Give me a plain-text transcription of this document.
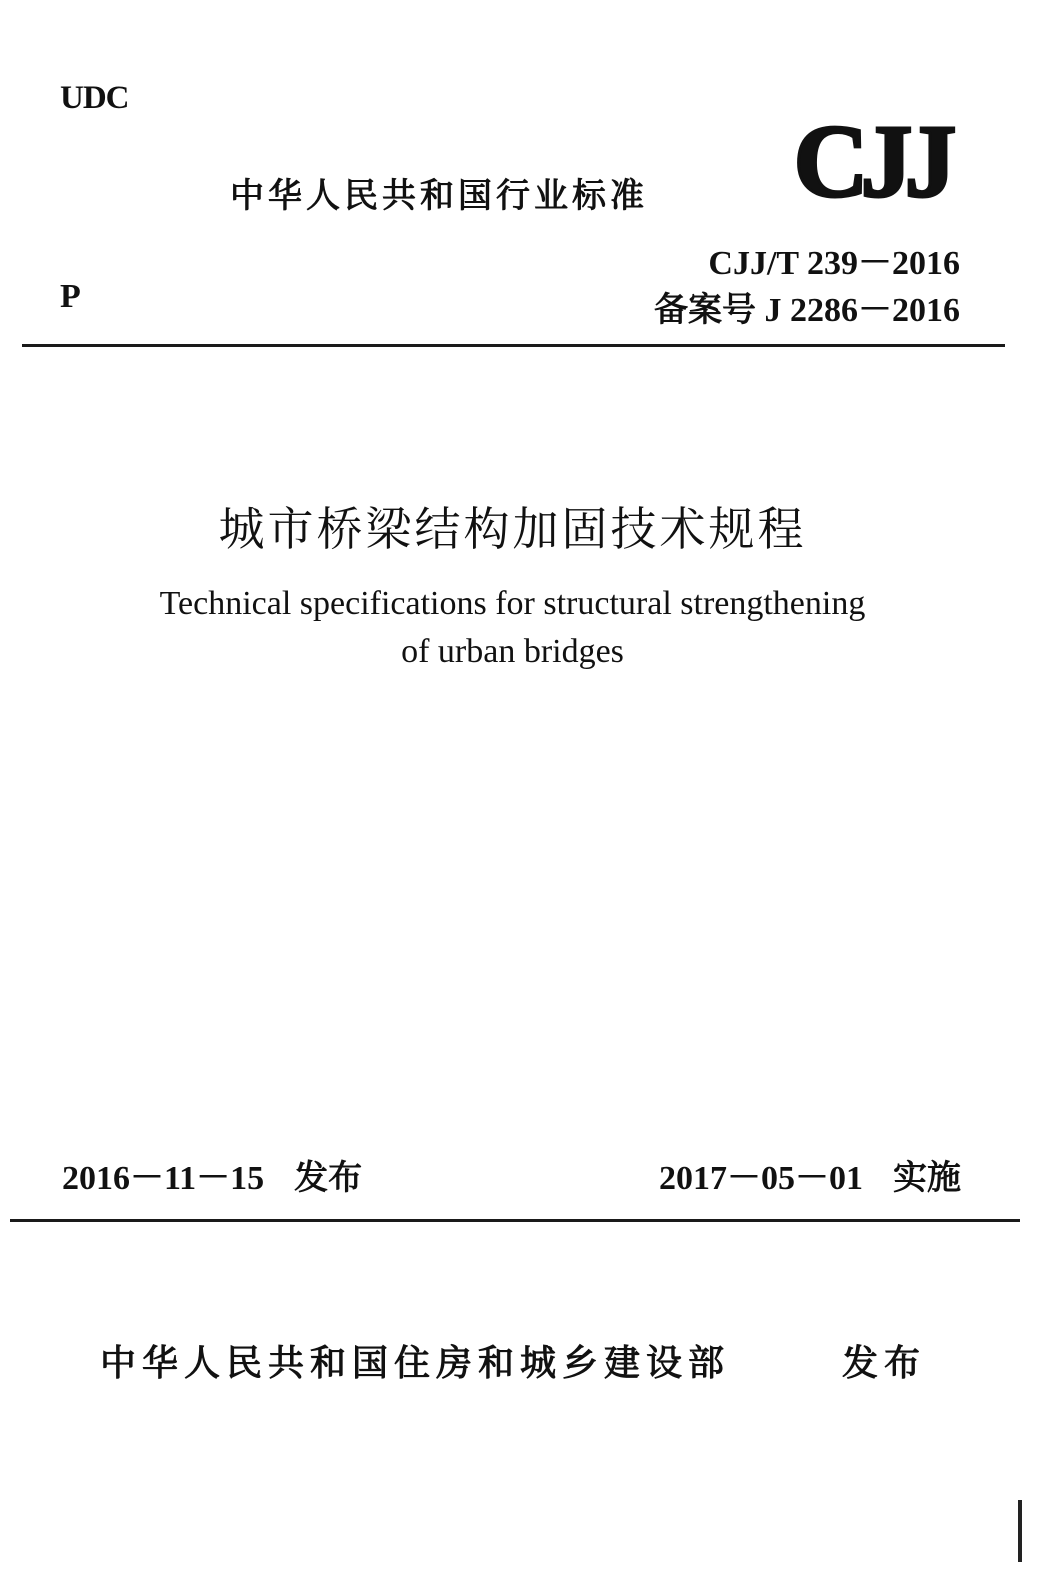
UDC
中华人民共和国行业标准 CJJ
CJJ/T 239－2016
备案号 J 2286－2016
P
城市桥梁结构加固技术规程
Technical specifications for structural strengthening
of urban bridges
2016－11－15 发布	2017－05－01 实施
中华人民共和国住房和城乡建设部	发布
